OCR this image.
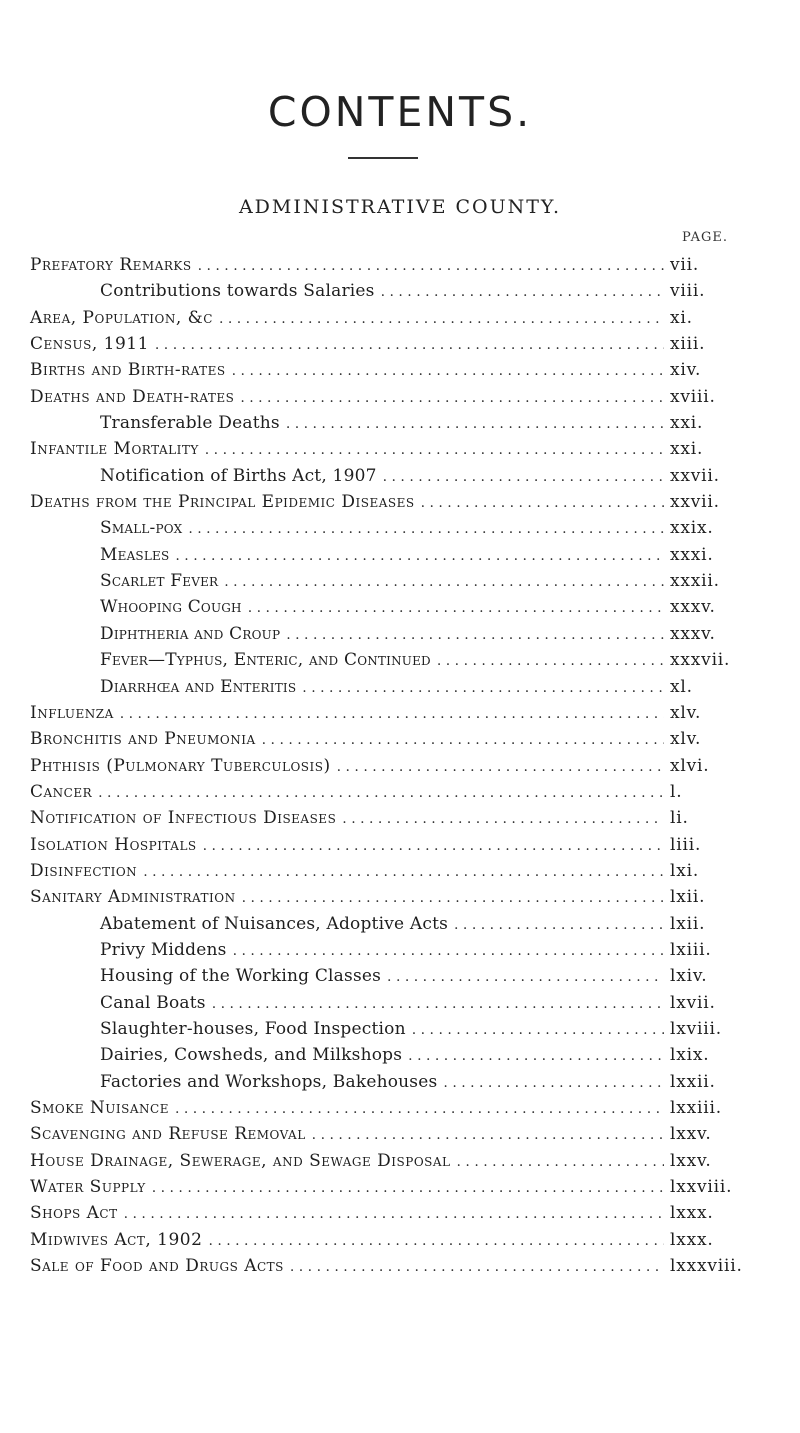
CONTENTS.
ADMINISTRATIVE COUNTY.
PAGE.
Prefatory Remarks . . .	vii.
Contributions towards Salaries . . .	viii.
Area, Population, &c . . .	xi.
Census, 1911 . . .	xiii.
Births and Birth-rates . . .	xiv.
Deaths and Death-rates . . .	xviii.
Transferable Deaths . . .	xxi.
Infantile Mortality . . .	xxi.
Notification of Births Act, 1907 . . .	xxvii.
Deaths from the Principal Epidemic Diseases . . .	xxvii.
Small-pox . . .	xxix.
Measles . . .	xxxi.
Scarlet Fever . . .	xxxii.
Whooping Cough . . .	xxxv.
Diphtheria and Croup . . .	xxxv.
Fever—Typhus, Enteric, and Continued . . .	xxxvii.
Diarrhœa and Enteritis . . .	xl.
Influenza . . .	xlv.
Bronchitis and Pneumonia . . .	xlv.
Phthisis (Pulmonary Tuberculosis) . . .	xlvi.
Cancer . . .	l.
Notification of Infectious Diseases . . .	li.
Isolation Hospitals . . .	liii.
Disinfection . . .	lxi.
Sanitary Administration . . .	lxii.
Abatement of Nuisances, Adoptive Acts . . .	lxii.
Privy Middens . . .	lxiii.
Housing of the Working Classes . . .	lxiv.
Canal Boats . . .	lxvii.
Slaughter-houses, Food Inspection . . .	lxviii.
Dairies, Cowsheds, and Milkshops . . .	lxix.
Factories and Workshops, Bakehouses . . .	lxxii.
Smoke Nuisance . . .	lxxiii.
Scavenging and Refuse Removal . . .	lxxv.
House Drainage, Sewerage, and Sewage Disposal . . .	lxxv.
Water Supply . . .	lxxviii.
Shops Act . . .	lxxx.
Midwives Act, 1902 . . .	lxxx.
Sale of Food and Drugs Acts . . .	lxxxviii.
